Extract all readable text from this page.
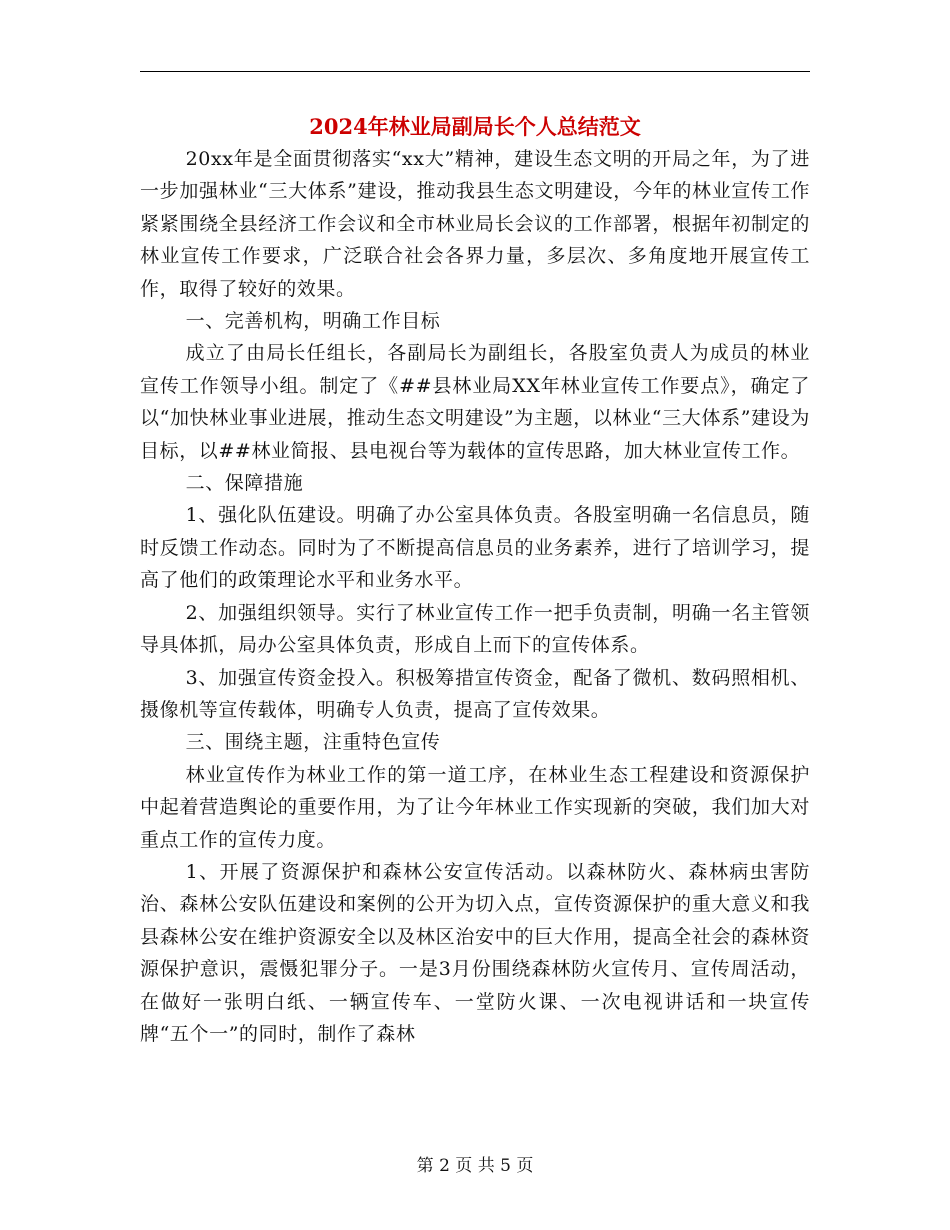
2024年林业局副局长个人总结范文

20xx年是全面贯彻落实“xx大”精神，建设生态文明的开局之年，为了进一步加强林业“三大体系”建设，推动我县生态文明建设，今年的林业宣传工作紧紧围绕全县经济工作会议和全市林业局长会议的工作部署，根据年初制定的林业宣传工作要求，广泛联合社会各界力量，多层次、多角度地开展宣传工作，取得了较好的效果。

一、完善机构，明确工作目标

成立了由局长任组长，各副局长为副组长，各股室负责人为成员的林业宣传工作领导小组。制定了《##县林业局XX年林业宣传工作要点》，确定了以“加快林业事业进展，推动生态文明建设”为主题，以林业“三大体系”建设为目标，以##林业简报、县电视台等为载体的宣传思路，加大林业宣传工作。

二、保障措施

1、强化队伍建设。明确了办公室具体负责。各股室明确一名信息员，随时反馈工作动态。同时为了不断提高信息员的业务素养，进行了培训学习，提高了他们的政策理论水平和业务水平。

2、加强组织领导。实行了林业宣传工作一把手负责制，明确一名主管领导具体抓，局办公室具体负责，形成自上而下的宣传体系。

3、加强宣传资金投入。积极筹措宣传资金，配备了微机、数码照相机、摄像机等宣传载体，明确专人负责，提高了宣传效果。

三、围绕主题，注重特色宣传

林业宣传作为林业工作的第一道工序，在林业生态工程建设和资源保护中起着营造舆论的重要作用，为了让今年林业工作实现新的突破，我们加大对重点工作的宣传力度。

1、开展了资源保护和森林公安宣传活动。以森林防火、森林病虫害防治、森林公安队伍建设和案例的公开为切入点，宣传资源保护的重大意义和我县森林公安在维护资源安全以及林区治安中的巨大作用，提高全社会的森林资源保护意识，震慑犯罪分子。一是3月份围绕森林防火宣传月、宣传周活动，在做好一张明白纸、一辆宣传车、一堂防火课、一次电视讲话和一块宣传牌“五个一”的同时，制作了森林

第 2 页 共 5 页
